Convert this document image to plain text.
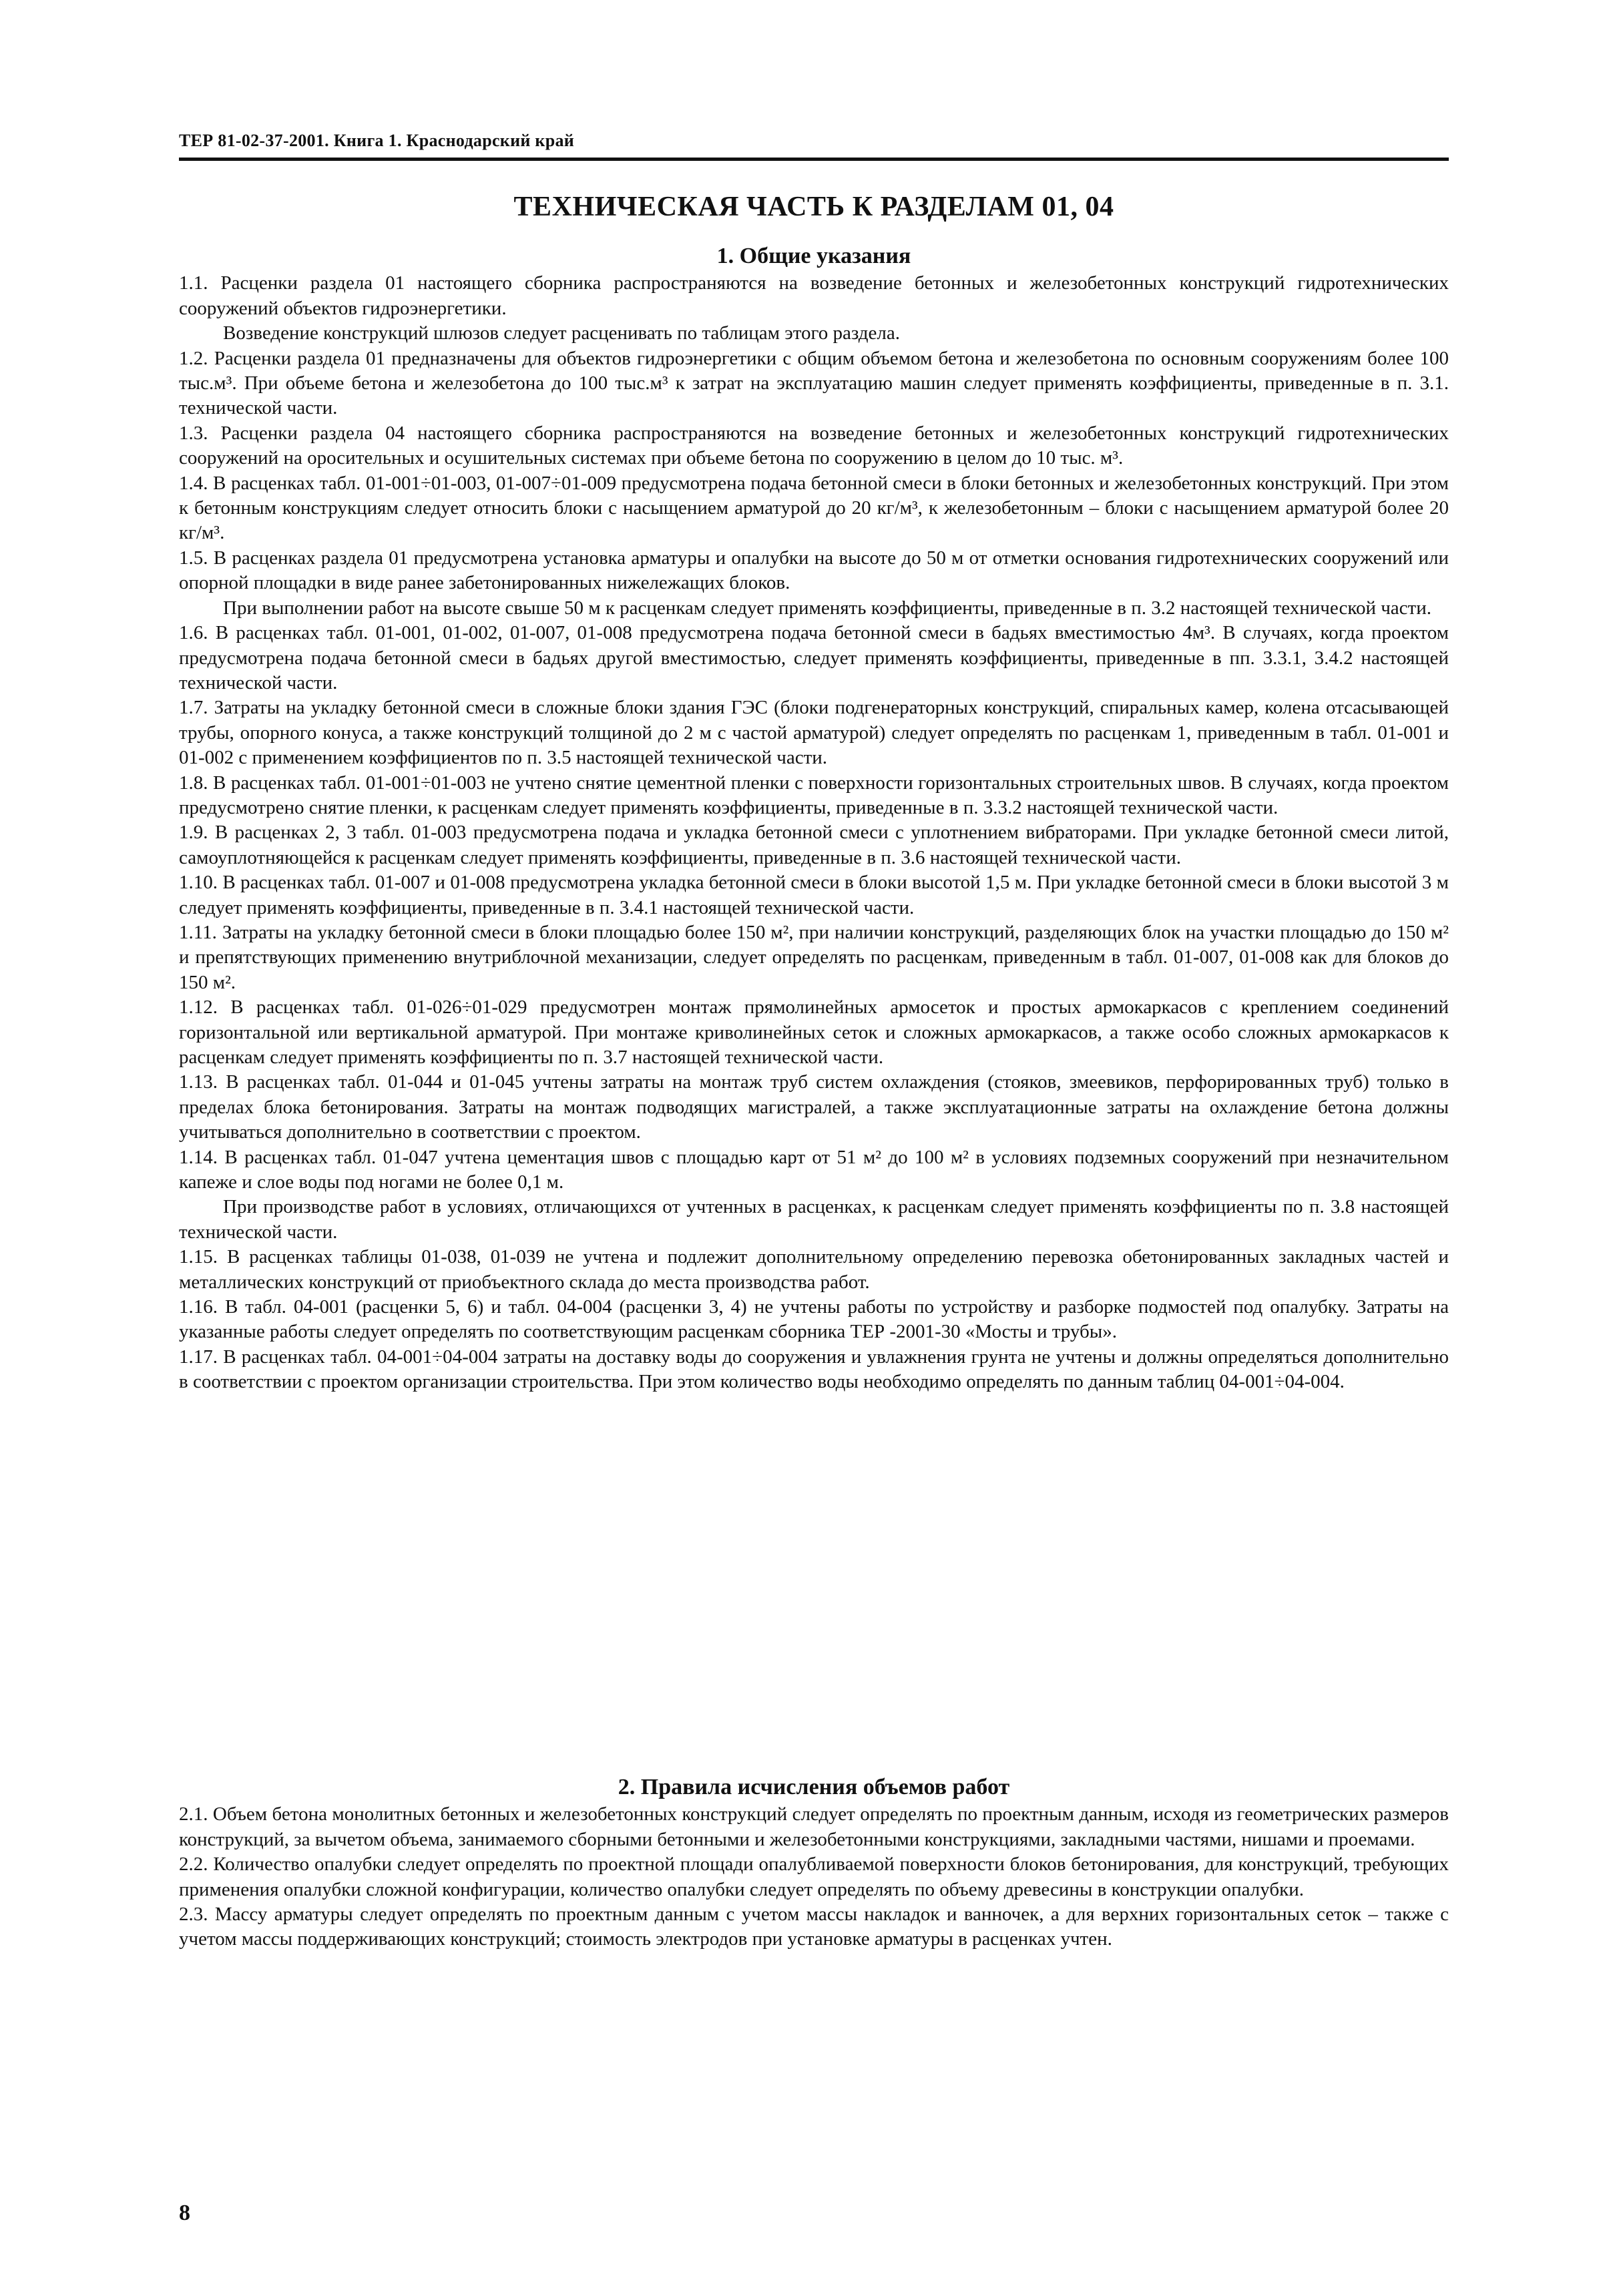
ТЕР 81-02-37-2001. Книга 1. Краснодарский край
ТЕХНИЧЕСКАЯ ЧАСТЬ К РАЗДЕЛАМ 01, 04
1. Общие указания

1.1. Расценки раздела 01 настоящего сборника распространяются на возведение бетонных и железобетонных конструкций гидротехнических сооружений объектов гидроэнергетики.

Возведение конструкций шлюзов следует расценивать по таблицам этого раздела.

1.2. Расценки раздела 01 предназначены для объектов гидроэнергетики с общим объемом бетона и железобетона по основным сооружениям более 100 тыс.м³. При объеме бетона и железобетона до 100 тыс.м³ к затрат на эксплуатацию машин следует применять коэффициенты, приведенные в п. 3.1. технической части.

1.3. Расценки раздела 04 настоящего сборника распространяются на возведение бетонных и железобетонных конструкций гидротехнических сооружений на оросительных и осушительных системах при объеме бетона по сооружению в целом до 10 тыс. м³.

1.4. В расценках табл. 01-001÷01-003, 01-007÷01-009 предусмотрена подача бетонной смеси в блоки бетонных и железобетонных конструкций. При этом к бетонным конструкциям следует относить блоки с насыщением арматурой до 20 кг/м³, к железобетонным – блоки с насыщением арматурой более 20 кг/м³.

1.5. В расценках раздела 01 предусмотрена установка арматуры и опалубки на высоте до 50 м от отметки основания гидротехнических сооружений или опорной площадки в виде ранее забетонированных нижележащих блоков.

При выполнении работ на высоте свыше 50 м к расценкам следует применять коэффициенты, приведенные в п. 3.2 настоящей технической части.

1.6. В расценках табл. 01-001, 01-002, 01-007, 01-008 предусмотрена подача бетонной смеси в бадьях вместимостью 4м³. В случаях, когда проектом предусмотрена подача бетонной смеси в бадьях другой вместимостью, следует применять коэффициенты, приведенные в пп. 3.3.1, 3.4.2 настоящей технической части.

1.7. Затраты на укладку бетонной смеси в сложные блоки здания ГЭС (блоки подгенераторных конструкций, спиральных камер, колена отсасывающей трубы, опорного конуса, а также конструкций толщиной до 2 м с частой арматурой) следует определять по расценкам 1, приведенным в табл. 01-001 и 01-002 с применением коэффициентов по п. 3.5 настоящей технической части.

1.8. В расценках табл. 01-001÷01-003 не учтено снятие цементной пленки с поверхности горизонтальных строительных швов. В случаях, когда проектом предусмотрено снятие пленки, к расценкам следует применять коэффициенты, приведенные в п. 3.3.2 настоящей технической части.

1.9. В расценках 2, 3 табл. 01-003 предусмотрена подача и укладка бетонной смеси с уплотнением вибраторами. При укладке бетонной смеси литой, самоуплотняющейся к расценкам следует применять коэффициенты, приведенные в п. 3.6 настоящей технической части.

1.10. В расценках табл. 01-007 и 01-008 предусмотрена укладка бетонной смеси в блоки высотой 1,5 м. При укладке бетонной смеси в блоки высотой 3 м следует применять коэффициенты, приведенные в п. 3.4.1 настоящей технической части.

1.11. Затраты на укладку бетонной смеси в блоки площадью более 150 м², при наличии конструкций, разделяющих блок на участки площадью до 150 м² и препятствующих применению внутриблочной механизации, следует определять по расценкам, приведенным в табл. 01-007, 01-008 как для блоков до 150 м².

1.12. В расценках табл. 01-026÷01-029 предусмотрен монтаж прямолинейных армосеток и простых армокаркасов с креплением соединений горизонтальной или вертикальной арматурой. При монтаже криволинейных сеток и сложных армокаркасов, а также особо сложных армокаркасов к расценкам следует применять коэффициенты по п. 3.7 настоящей технической части.

1.13. В расценках табл. 01-044 и 01-045 учтены затраты на монтаж труб систем охлаждения (стояков, змеевиков, перфорированных труб) только в пределах блока бетонирования. Затраты на монтаж подводящих магистралей, а также эксплуатационные затраты на охлаждение бетона должны учитываться дополнительно в соответствии с проектом.

1.14. В расценках табл. 01-047 учтена цементация швов с площадью карт от 51 м² до 100 м² в условиях подземных сооружений при незначительном капеже и слое воды под ногами не более 0,1 м.

При производстве работ в условиях, отличающихся от учтенных в расценках, к расценкам следует применять коэффициенты по п. 3.8 настоящей технической части.

1.15. В расценках таблицы 01-038, 01-039 не учтена и подлежит дополнительному определению перевозка обетонированных закладных частей и металлических конструкций от приобъектного склада до места производства работ.

1.16. В табл. 04-001 (расценки 5, 6) и табл. 04-004 (расценки 3, 4) не учтены работы по устройству и разборке подмостей под опалубку. Затраты на указанные работы следует определять по соответствующим расценкам сборника ТЕР -2001-30 «Мосты и трубы».

1.17. В расценках табл. 04-001÷04-004 затраты на доставку воды до сооружения и увлажнения грунта не учтены и должны определяться дополнительно в соответствии с проектом организации строительства. При этом количество воды необходимо определять по данным таблиц 04-001÷04-004.

2. Правила исчисления объемов работ

2.1. Объем бетона монолитных бетонных и железобетонных конструкций следует определять по проектным данным, исходя из геометрических размеров конструкций, за вычетом объема, занимаемого сборными бетонными и железобетонными конструкциями, закладными частями, нишами и проемами.

2.2. Количество опалубки следует определять по проектной площади опалубливаемой поверхности блоков бетонирования, для конструкций, требующих применения опалубки сложной конфигурации, количество опалубки следует определять по объему древесины в конструкции опалубки.

2.3. Массу арматуры следует определять по проектным данным с учетом массы накладок и ванночек, а для верхних горизонтальных сеток – также с учетом массы поддерживающих конструкций; стоимость электродов при установке арматуры в расценках учтен.

8
